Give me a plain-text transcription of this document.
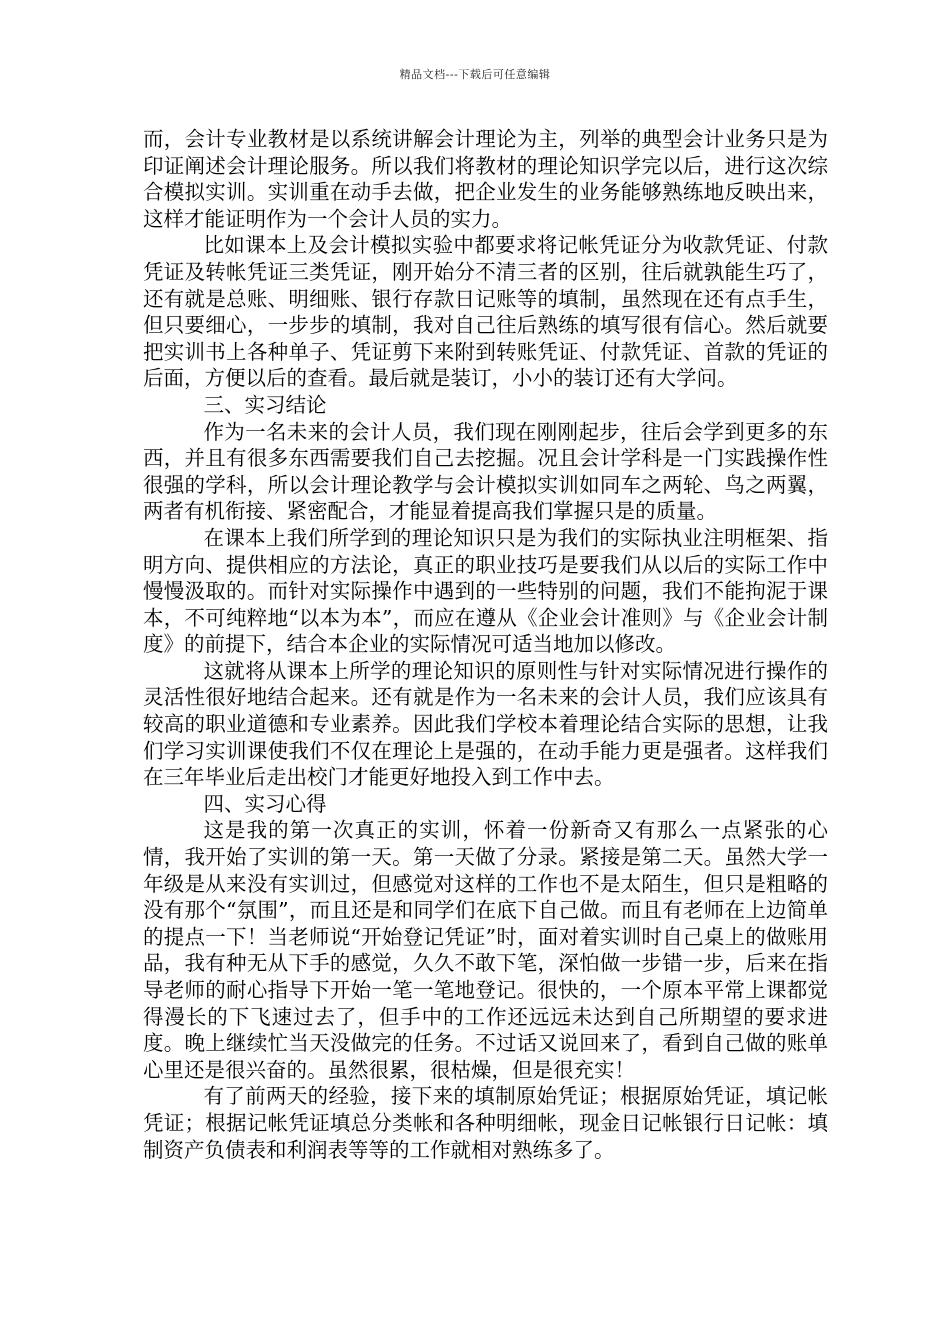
精品文档---下载后可任意编辑

而，会计专业教材是以系统讲解会计理论为主，列举的典型会计业务只是为印证阐述会计理论服务。所以我们将教材的理论知识学完以后，进行这次综合模拟实训。实训重在动手去做，把企业发生的业务能够熟练地反映出来，这样才能证明作为一个会计人员的实力。

比如课本上及会计模拟实验中都要求将记帐凭证分为收款凭证、付款凭证及转帐凭证三类凭证，刚开始分不清三者的区别，往后就孰能生巧了，还有就是总账、明细账、银行存款日记账等的填制，虽然现在还有点手生，但只要细心，一步步的填制，我对自己往后熟练的填写很有信心。然后就要把实训书上各种单子、凭证剪下来附到转账凭证、付款凭证、首款的凭证的后面，方便以后的查看。最后就是装订，小小的装订还有大学问。

三、实习结论

作为一名未来的会计人员，我们现在刚刚起步，往后会学到更多的东西，并且有很多东西需要我们自己去挖掘。况且会计学科是一门实践操作性很强的学科，所以会计理论教学与会计模拟实训如同车之两轮、鸟之两翼，两者有机衔接、紧密配合，才能显着提高我们掌握只是的质量。

在课本上我们所学到的理论知识只是为我们的实际执业注明框架、指明方向、提供相应的方法论，真正的职业技巧是要我们从以后的实际工作中慢慢汲取的。而针对实际操作中遇到的一些特别的问题，我们不能拘泥于课本，不可纯粹地“以本为本”，而应在遵从《企业会计准则》与《企业会计制度》的前提下，结合本企业的实际情况可适当地加以修改。

这就将从课本上所学的理论知识的原则性与针对实际情况进行操作的灵活性很好地结合起来。还有就是作为一名未来的会计人员，我们应该具有较高的职业道德和专业素养。因此我们学校本着理论结合实际的思想，让我们学习实训课使我们不仅在理论上是强的，在动手能力更是强者。这样我们在三年毕业后走出校门才能更好地投入到工作中去。

四、实习心得

这是我的第一次真正的实训，怀着一份新奇又有那么一点紧张的心情，我开始了实训的第一天。第一天做了分录。紧接是第二天。虽然大学一年级是从来没有实训过，但感觉对这样的工作也不是太陌生，但只是粗略的没有那个“氛围”，而且还是和同学们在底下自己做。而且有老师在上边简单的提点一下！当老师说“开始登记凭证”时，面对着实训时自己桌上的做账用品，我有种无从下手的感觉，久久不敢下笔，深怕做一步错一步，后来在指导老师的耐心指导下开始一笔一笔地登记。很快的，一个原本平常上课都觉得漫长的下飞速过去了，但手中的工作还远远未达到自己所期望的要求进度。晚上继续忙当天没做完的任务。不过话又说回来了，看到自己做的账单心里还是很兴奋的。虽然很累，很枯燥，但是很充实！

有了前两天的经验，接下来的填制原始凭证；根据原始凭证，填记帐凭证；根据记帐凭证填总分类帐和各种明细帐，现金日记帐银行日记帐：填制资产负债表和利润表等等的工作就相对熟练多了。
